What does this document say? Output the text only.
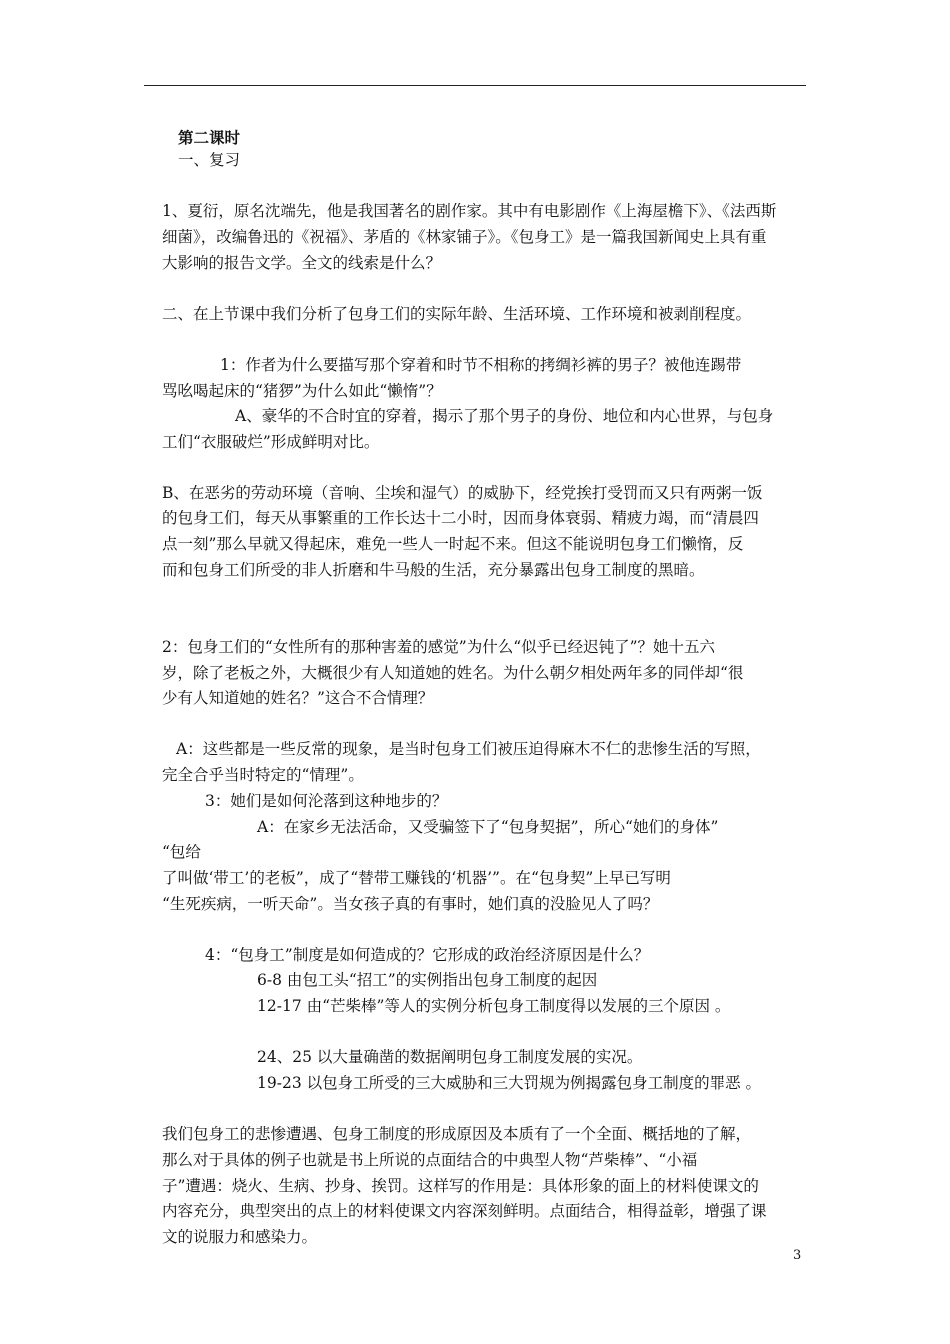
第二课时
一、复习
1、夏衍，原名沈端先，他是我国著名的剧作家。其中有电影剧作《上海屋檐下》、《法西斯
细菌》，改编鲁迅的《祝福》、茅盾的《林家铺子》。《包身工》是一篇我国新闻史上具有重
大影响的报告文学。全文的线索是什么？
二、在上节课中我们分析了包身工们的实际年龄、生活环境、工作环境和被剥削程度。
1：作者为什么要描写那个穿着和时节不相称的拷绸衫裤的男子？被他连踢带
骂吆喝起床的“猪猡”为什么如此“懒惰”？
A、豪华的不合时宜的穿着，揭示了那个男子的身份、地位和内心世界，与包身
工们“衣服破烂”形成鲜明对比。
B、在恶劣的劳动环境（音响、尘埃和湿气）的威胁下，经党挨打受罚而又只有两粥一饭
的包身工们，每天从事繁重的工作长达十二小时，因而身体衰弱、精疲力竭，而“清晨四
点一刻”那么早就又得起床，难免一些人一时起不来。但这不能说明包身工们懒惰，反
而和包身工们所受的非人折磨和牛马般的生活，充分暴露出包身工制度的黑暗。
2：包身工们的“女性所有的那种害羞的感觉”为什么“似乎已经迟钝了”？她十五六
岁，除了老板之外，大概很少有人知道她的姓名。为什么朝夕相处两年多的同伴却“很
少有人知道她的姓名？”这合不合情理？
A：这些都是一些反常的现象，是当时包身工们被压迫得麻木不仁的悲惨生活的写照，
完全合乎当时特定的“情理”。
3：她们是如何沦落到这种地步的？
A：在家乡无法活命，又受骗签下了“包身契据”，所心“她们的身体”
“包给
了叫做‘带工’的老板”，成了“替带工赚钱的‘机器’”。在“包身契”上早已写明
“生死疾病，一听天命”。当女孩子真的有事时，她们真的没脸见人了吗？
4：“包身工”制度是如何造成的？它形成的政治经济原因是什么？
6-8 由包工头“招工”的实例指出包身工制度的起因
12-17 由“芒柴棒”等人的实例分析包身工制度得以发展的三个原因 。
24、25 以大量确凿的数据阐明包身工制度发展的实况。
19-23 以包身工所受的三大威胁和三大罚规为例揭露包身工制度的罪恶 。
我们包身工的悲惨遭遇、包身工制度的形成原因及本质有了一个全面、概括地的了解，
那么对于具体的例子也就是书上所说的点面结合的中典型人物“芦柴棒”、“小福
子”遭遇：烧火、生病、抄身、挨罚。这样写的作用是：具体形象的面上的材料使课文的
内容充分，典型突出的点上的材料使课文内容深刻鲜明。点面结合，相得益彰，增强了课
文的说服力和感染力。
3
